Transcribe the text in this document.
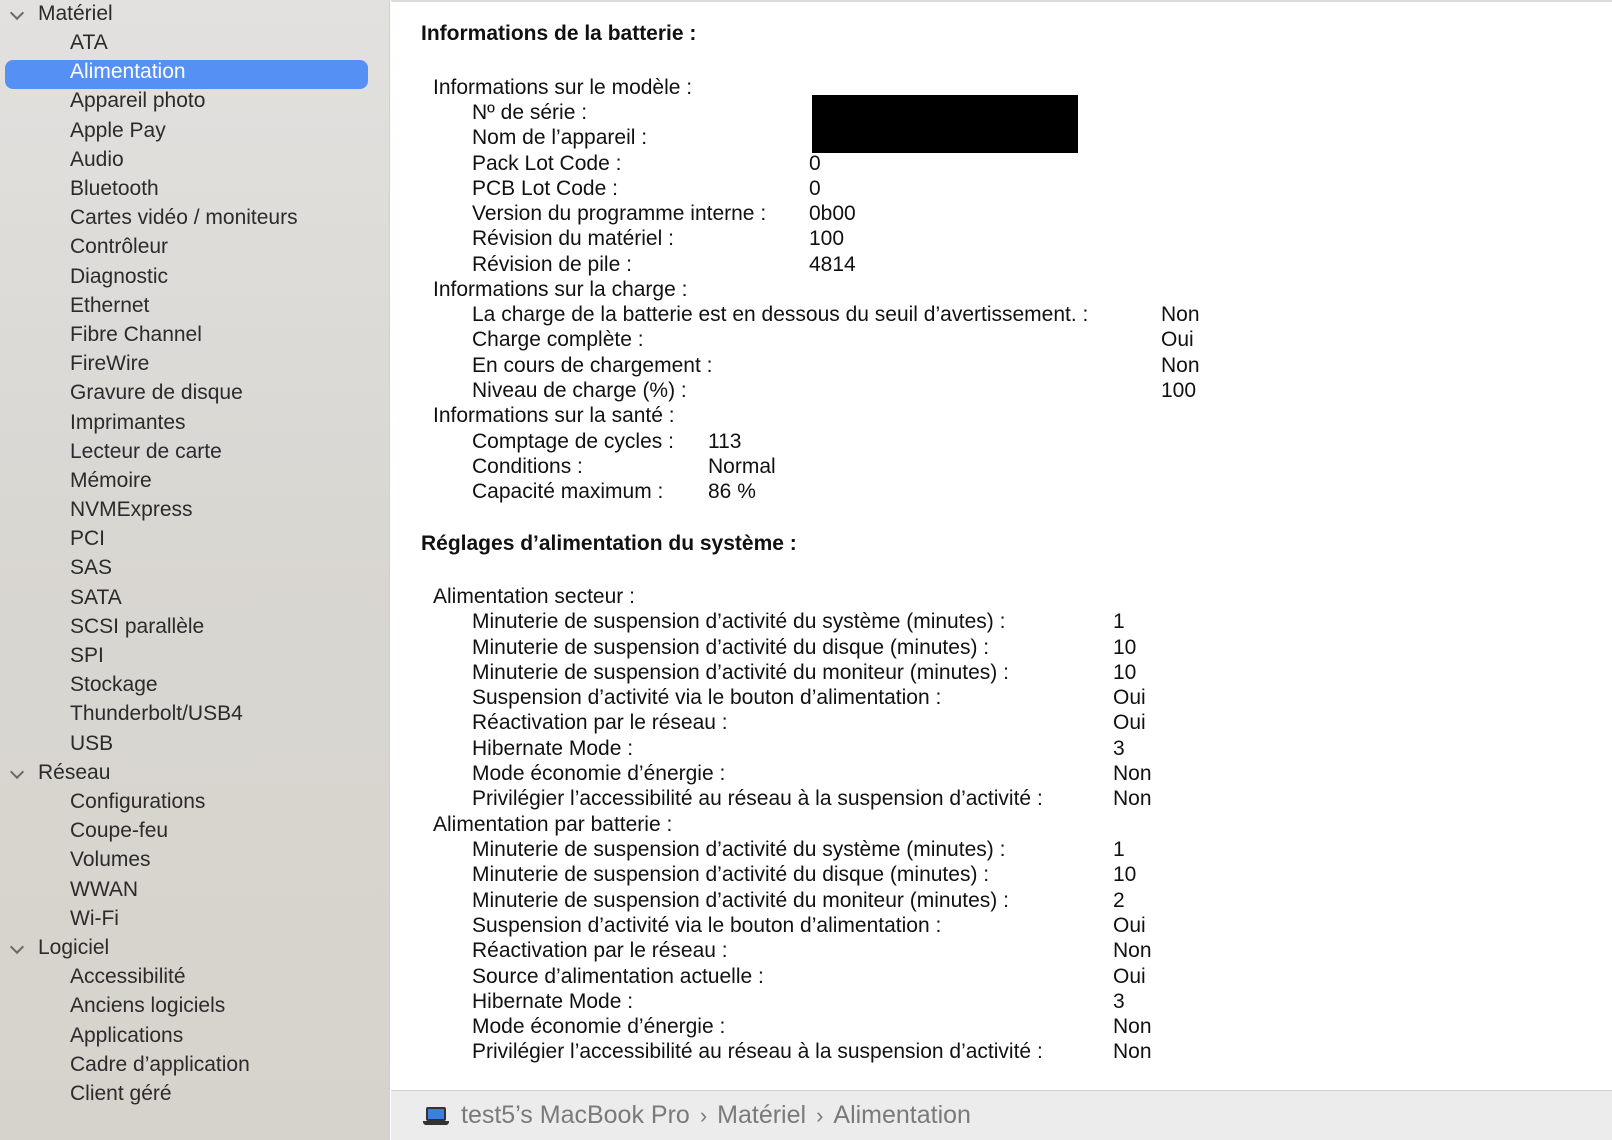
Matériel
ATA
Alimentation
Appareil photo
Apple Pay
Audio
Bluetooth
Cartes vidéo / moniteurs
Contrôleur
Diagnostic
Ethernet
Fibre Channel
FireWire
Gravure de disque
Imprimantes
Lecteur de carte
Mémoire
NVMExpress
PCI
SAS
SATA
SCSI parallèle
SPI
Stockage
Thunderbolt/USB4
USB
Réseau
Configurations
Coupe-feu
Volumes
WWAN
Wi-Fi
Logiciel
Accessibilité
Anciens logiciels
Applications
Cadre d’application
Client géré
Informations de la batterie :
Informations sur le modèle :
Nº de série :
Nom de l’appareil :
Pack Lot Code :	0
PCB Lot Code :	0
Version du programme interne : 0b00
Révision du matériel :	100
Révision de pile :	4814
Informations sur la charge :
La charge de la batterie est en dessous du seuil d’avertissement. :	Non
Charge complète :	Oui
En cours de chargement :	Non
Niveau de charge (%) :	100
Informations sur la santé :
Comptage de cycles : 113
Conditions :	Normal
Capacité maximum : 86 %
Réglages d’alimentation du système :
Alimentation secteur :
Minuterie de suspension d’activité du système (minutes) :	1
Minuterie de suspension d’activité du disque (minutes) :	10
Minuterie de suspension d’activité du moniteur (minutes) :	10
Suspension d’activité via le bouton d’alimentation :	Oui
Réactivation par le réseau :	Oui
Hibernate Mode :	3
Mode économie d’énergie :	Non
Privilégier l’accessibilité au réseau à la suspension d’activité :	Non
Alimentation par batterie :
Minuterie de suspension d’activité du système (minutes) :	1
Minuterie de suspension d’activité du disque (minutes) :	10
Minuterie de suspension d’activité du moniteur (minutes) :	2
Suspension d’activité via le bouton d’alimentation :	Oui
Réactivation par le réseau :	Non
Source d’alimentation actuelle :	Oui
Hibernate Mode :	3
Mode économie d’énergie :	Non
Privilégier l’accessibilité au réseau à la suspension d’activité :	Non
test5’s MacBook Pro › Matériel › Alimentation
